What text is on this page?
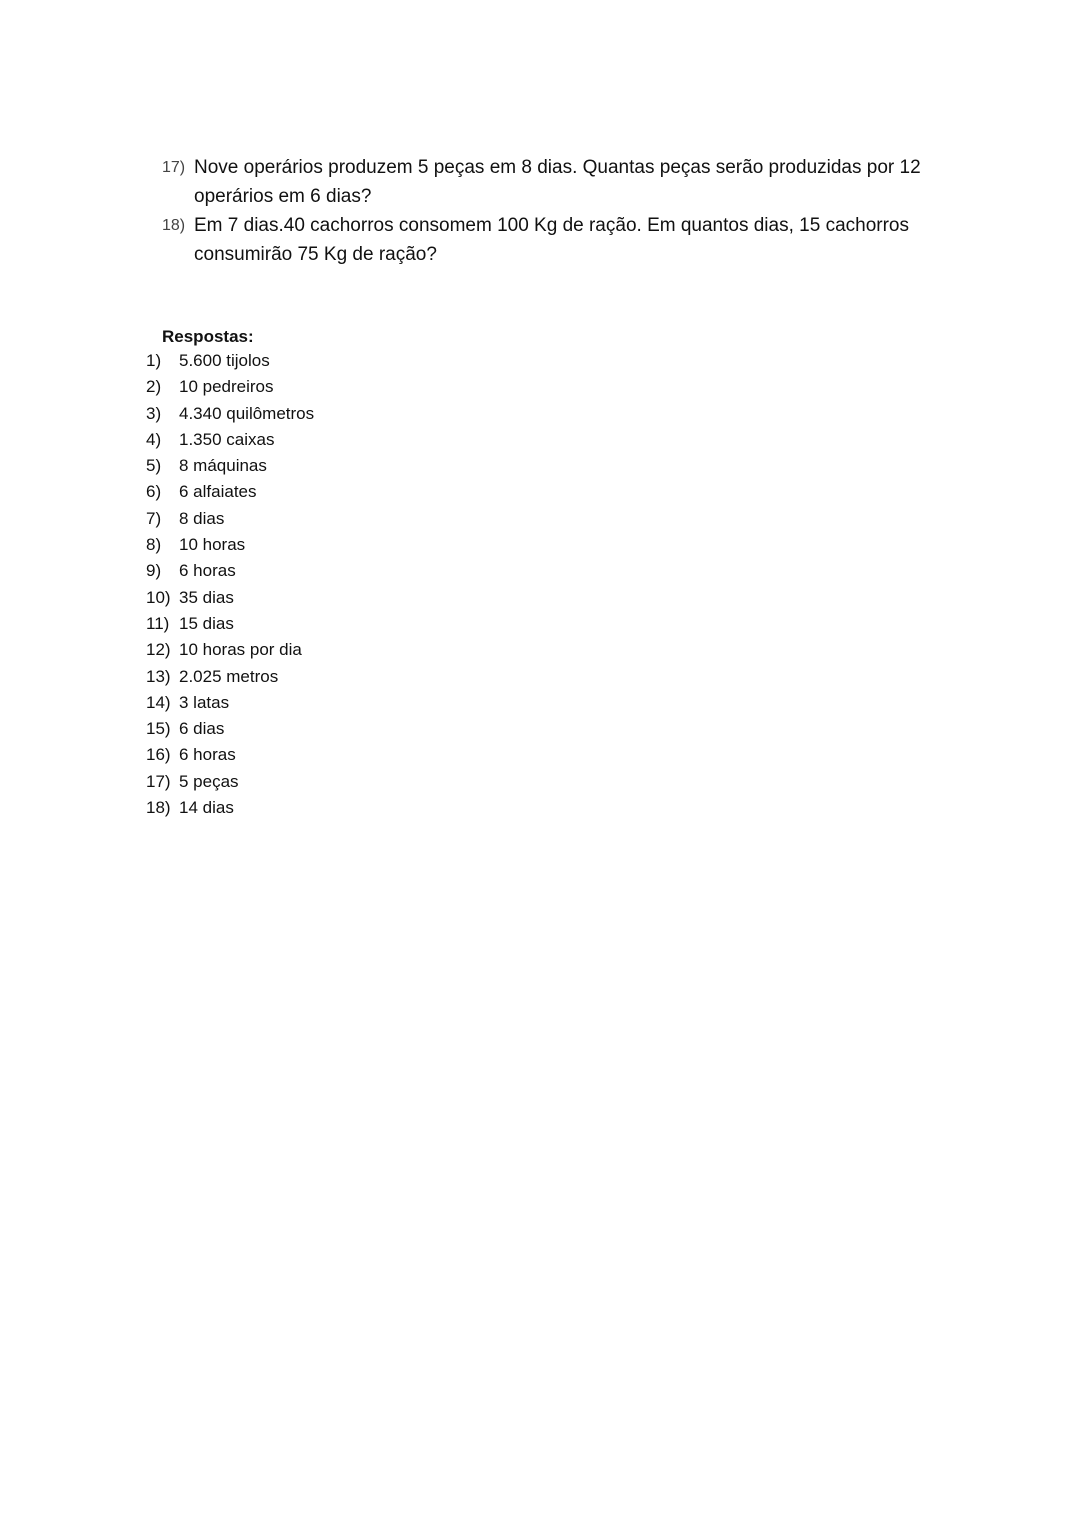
17) Nove operários produzem 5 peças em 8 dias. Quantas peças serão produzidas por 12 operários em 6 dias?
18) Em 7 dias.40 cachorros consomem 100 Kg de ração. Em quantos dias, 15 cachorros consumirão 75 Kg de ração?
Respostas:
1) 5.600 tijolos
2) 10 pedreiros
3) 4.340 quilômetros
4) 1.350 caixas
5) 8 máquinas
6) 6 alfaiates
7) 8 dias
8) 10 horas
9) 6 horas
10) 35 dias
11) 15 dias
12) 10 horas por dia
13) 2.025 metros
14) 3 latas
15) 6 dias
16) 6 horas
17) 5 peças
18) 14 dias
